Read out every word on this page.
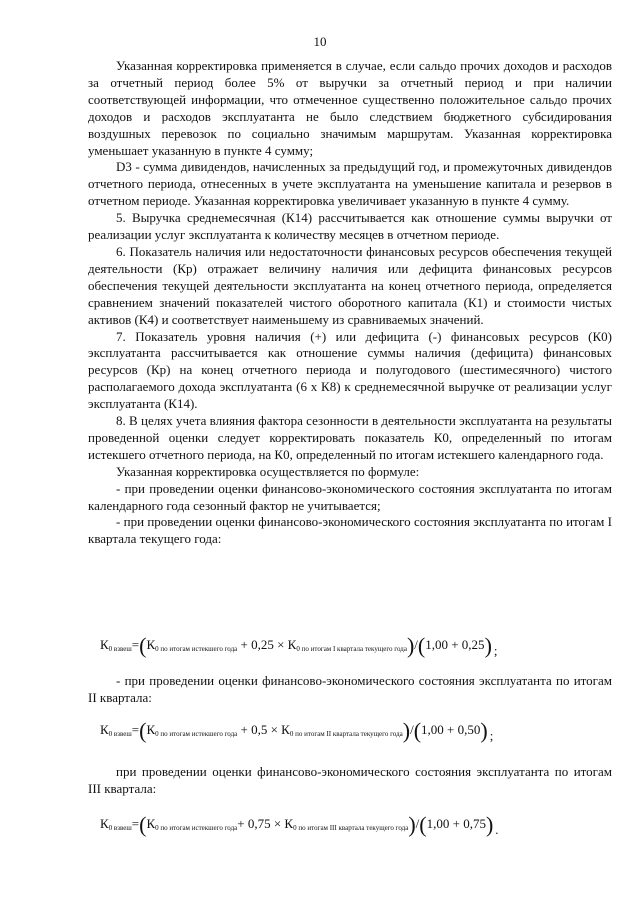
10

Указанная корректировка применяется в случае, если сальдо прочих доходов и расходов за отчетный период более 5% от выручки за отчетный период и при наличии соответствующей информации, что отмеченное существенно положительное сальдо прочих доходов и расходов эксплуатанта не было следствием бюджетного субсидирования воздушных перевозок по социально значимым маршрутам. Указанная корректировка уменьшает указанную в пункте 4 сумму;

D3 - сумма дивидендов, начисленных за предыдущий год, и промежуточных дивидендов отчетного периода, отнесенных в учете эксплуатанта на уменьшение капитала и резервов в отчетном периоде. Указанная корректировка увеличивает указанную в пункте 4 сумму.

5. Выручка среднемесячная (К14) рассчитывается как отношение суммы выручки от реализации услуг эксплуатанта к количеству месяцев в отчетном периоде.

6. Показатель наличия или недостаточности финансовых ресурсов обеспечения текущей деятельности (Кр) отражает величину наличия или дефицита финансовых ресурсов обеспечения текущей деятельности эксплуатанта на конец отчетного периода, определяется сравнением значений показателей чистого оборотного капитала (К1) и стоимости чистых активов (К4) и соответствует наименьшему из сравниваемых значений.

7. Показатель уровня наличия (+) или дефицита (-) финансовых ресурсов (К0) эксплуатанта рассчитывается как отношение суммы наличия (дефицита) финансовых ресурсов (Кр) на конец отчетного периода и полугодового (шестимесячного) чистого располагаемого дохода эксплуатанта (6 х К8) к среднемесячной выручке от реализации услуг эксплуатанта (К14).

8. В целях учета влияния фактора сезонности в деятельности эксплуатанта на результаты проведенной оценки следует корректировать показатель К0, определенный по итогам истекшего отчетного периода, на К0, определенный по итогам истекшего календарного года.

Указанная корректировка осуществляется по формуле:

- при проведении оценки финансово-экономического состояния эксплуатанта по итогам календарного года сезонный фактор не учитывается;

- при проведении оценки финансово-экономического состояния эксплуатанта по итогам I квартала текущего года:

К0 взвеш=(К0 по итогам истекшего года + 0,25 × К0 по итогам I квартала текущего года)/(1,00 + 0,25) ;
- при проведении оценки финансово-экономического состояния эксплуатанта по итогам II квартала:
К0 взвеш=(К0 по итогам истекшего года + 0,5 × К0 по итогам II квартала текущего года)/(1,00 + 0,50) ;
при проведении оценки финансово-экономического состояния эксплуатанта по итогам III квартала:
К0 взвеш=(К0 по итогам истекшего года+ 0,75 × К0 по итогам III квартала текущего года)/(1,00 + 0,75) .
